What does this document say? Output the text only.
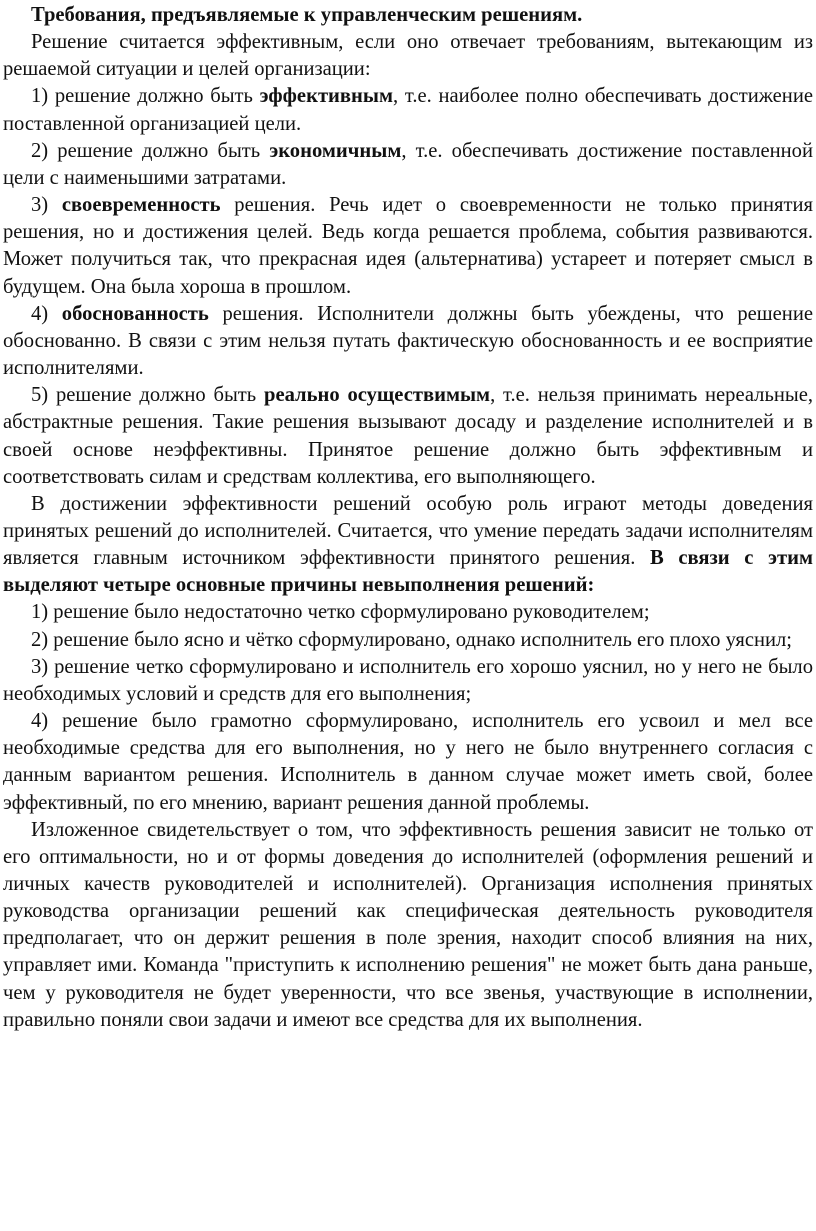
Требования, предъявляемые к управленческим решениям.

Решение считается эффективным, если оно отвечает требованиям, вытекающим из решаемой ситуации и целей организации:

1) решение должно быть эффективным, т.е. наиболее полно обеспечивать достижение поставленной организацией цели.

2) решение должно быть экономичным, т.е. обеспечивать достижение поставленной цели с наименьшими затратами.

3) своевременность решения. Речь идет о своевременности не только принятия решения, но и достижения целей. Ведь когда решается проблема, события развиваются. Может получиться так, что прекрасная идея (альтернатива) устареет и потеряет смысл в будущем. Она была хороша в прошлом.

4) обоснованность решения. Исполнители должны быть убеждены, что решение обоснованно. В связи с этим нельзя путать фактическую обоснованность и ее восприятие исполнителями.

5) решение должно быть реально осуществимым, т.е. нельзя принимать нереальные, абстрактные решения. Такие решения вызывают досаду и разделение исполнителей и в своей основе неэффективны. Принятое решение должно быть эффективным и соответствовать силам и средствам коллектива, его выполняющего.

В достижении эффективности решений особую роль играют методы доведения принятых решений до исполнителей. Считается, что умение передать задачи исполнителям является главным источником эффективности принятого решения. В связи с этим выделяют четыре основные причины невыполнения решений:

1) решение было недостаточно четко сформулировано руководителем;

2) решение было ясно и чётко сформулировано, однако исполнитель его плохо уяснил;

3) решение четко сформулировано и исполнитель его хорошо уяснил, но у него не было необходимых условий и средств для его выполнения;

4) решение было грамотно сформулировано, исполнитель его усвоил и мел все необходимые средства для его выполнения, но у него не было внутреннего согласия с данным вариантом решения. Исполнитель в данном случае может иметь свой, более эффективный, по его мнению, вариант решения данной проблемы.

Изложенное свидетельствует о том, что эффективность решения зависит не только от его оптимальности, но и от формы доведения до исполнителей (оформления решений и личных качеств руководителей и исполнителей). Организация исполнения принятых руководства организации решений как специфическая деятельность руководителя предполагает, что он держит решения в поле зрения, находит способ влияния на них, управляет ими. Команда "приступить к исполнению решения" не может быть дана раньше, чем у руководителя не будет уверенности, что все звенья, участвующие в исполнении, правильно поняли свои задачи и имеют все средства для их выполнения.
